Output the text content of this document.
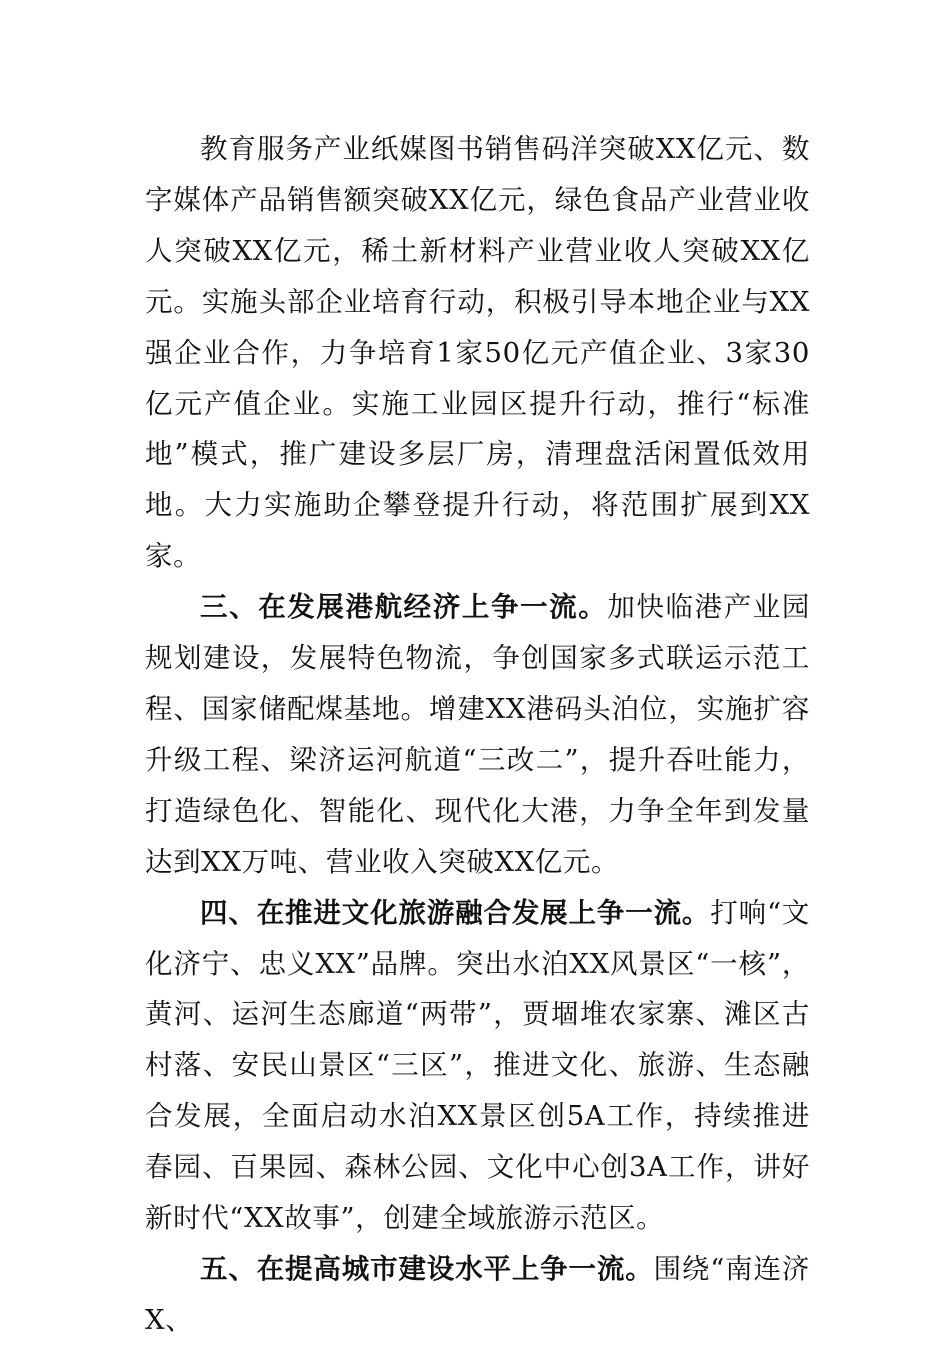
教育服务产业纸媒图书销售码洋突破XX亿元、数字媒体产品销售额突破XX亿元，绿色食品产业营业收人突破XX亿元，稀土新材料产业营业收人突破XX亿元。实施头部企业培育行动，积极引导本地企业与XX强企业合作，力争培育1家50亿元产值企业、3家30亿元产值企业。实施工业园区提升行动，推行“标准地”模式，推广建设多层厂房，清理盘活闲置低效用地。大力实施助企攀登提升行动，将范围扩展到XX家。

三、在发展港航经济上争一流。加快临港产业园规划建设，发展特色物流，争创国家多式联运示范工程、国家储配煤基地。增建XX港码头泊位，实施扩容升级工程、梁济运河航道“三改二”，提升吞吐能力，打造绿色化、智能化、现代化大港，力争全年到发量达到XX万吨、营业收入突破XX亿元。

四、在推进文化旅游融合发展上争一流。打响“文化济宁、忠义XX”品牌。突出水泊XX风景区“一核”，黄河、运河生态廊道“两带”，贾堌堆农家寨、滩区古村落、安民山景区“三区”，推进文化、旅游、生态融合发展，全面启动水泊XX景区创5A工作，持续推进春园、百果园、森林公园、文化中心创3A工作，讲好新时代“XX故事”，创建全域旅游示范区。

五、在提高城市建设水平上争一流。围绕“南连济X、
